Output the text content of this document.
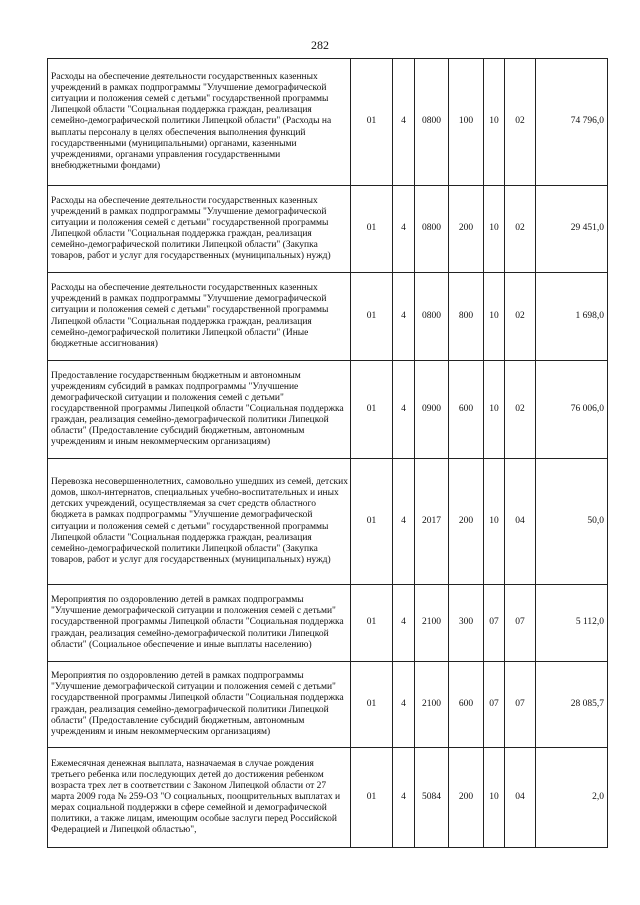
282
Расходы на обеспечение деятельности государственных казенных учреждений в рамках подпрограммы "Улучшение демографической ситуации и положения семей с детьми" государственной программы Липецкой области "Социальная поддержка граждан, реализация семейно-демографической политики Липецкой области" (Расходы на выплаты персоналу в целях обеспечения выполнения функций государственными (муниципальными) органами, казенными учреждениями, органами управления государственными внебюджетными фондами)	01	4	0800	100	10	02	74 796,0
Расходы на обеспечение деятельности государственных казенных учреждений в рамках подпрограммы "Улучшение демографической ситуации и положения семей с детьми" государственной программы Липецкой области "Социальная поддержка граждан, реализация семейно-демографической политики Липецкой области" (Закупка товаров, работ и услуг для государственных (муниципальных) нужд)	01	4	0800	200	10	02	29 451,0
Расходы на обеспечение деятельности государственных казенных учреждений в рамках подпрограммы "Улучшение демографической ситуации и положения семей с детьми" государственной программы Липецкой области "Социальная поддержка граждан, реализация семейно-демографической политики Липецкой области" (Иные бюджетные ассигнования)	01	4	0800	800	10	02	1 698,0
Предоставление государственным бюджетным и автономным учреждениям субсидий в рамках подпрограммы "Улучшение демографической ситуации и положения семей с детьми" государственной программы Липецкой области "Социальная поддержка граждан, реализация семейно-демографической политики Липецкой области" (Предоставление субсидий бюджетным, автономным учреждениям и иным некоммерческим организациям)	01	4	0900	600	10	02	76 006,0
Перевозка несовершеннолетних, самовольно ушедших из семей, детских домов, школ-интернатов, специальных учебно-воспитательных и иных детских учреждений, осуществляемая за счет средств областного бюджета в рамках подпрограммы "Улучшение демографической ситуации и положения семей с детьми" государственной программы Липецкой области "Социальная поддержка граждан, реализация семейно-демографической политики Липецкой области" (Закупка товаров, работ и услуг для государственных (муниципальных) нужд)	01	4	2017	200	10	04	50,0
Мероприятия по оздоровлению детей в рамках подпрограммы "Улучшение демографической ситуации и положения семей с детьми" государственной программы Липецкой области "Социальная поддержка граждан, реализация семейно-демографической политики Липецкой области" (Социальное обеспечение и иные выплаты населению)	01	4	2100	300	07	07	5 112,0
Мероприятия по оздоровлению детей в рамках подпрограммы "Улучшение демографической ситуации и положения семей с детьми" государственной программы Липецкой области "Социальная поддержка граждан, реализация семейно-демографической политики Липецкой области" (Предоставление субсидий бюджетным, автономным учреждениям и иным некоммерческим организациям)	01	4	2100	600	07	07	28 085,7
Ежемесячная денежная выплата, назначаемая в случае рождения третьего ребенка или последующих детей до достижения ребенком возраста трех лет в соответствии с Законом Липецкой области от 27 марта 2009 года № 259-ОЗ "О социальных, поощрительных выплатах и мерах социальной поддержки в сфере семейной и демографической политики, а также лицам, имеющим особые заслуги перед Российской Федерацией и Липецкой областью",	01	4	5084	200	10	04	2,0
